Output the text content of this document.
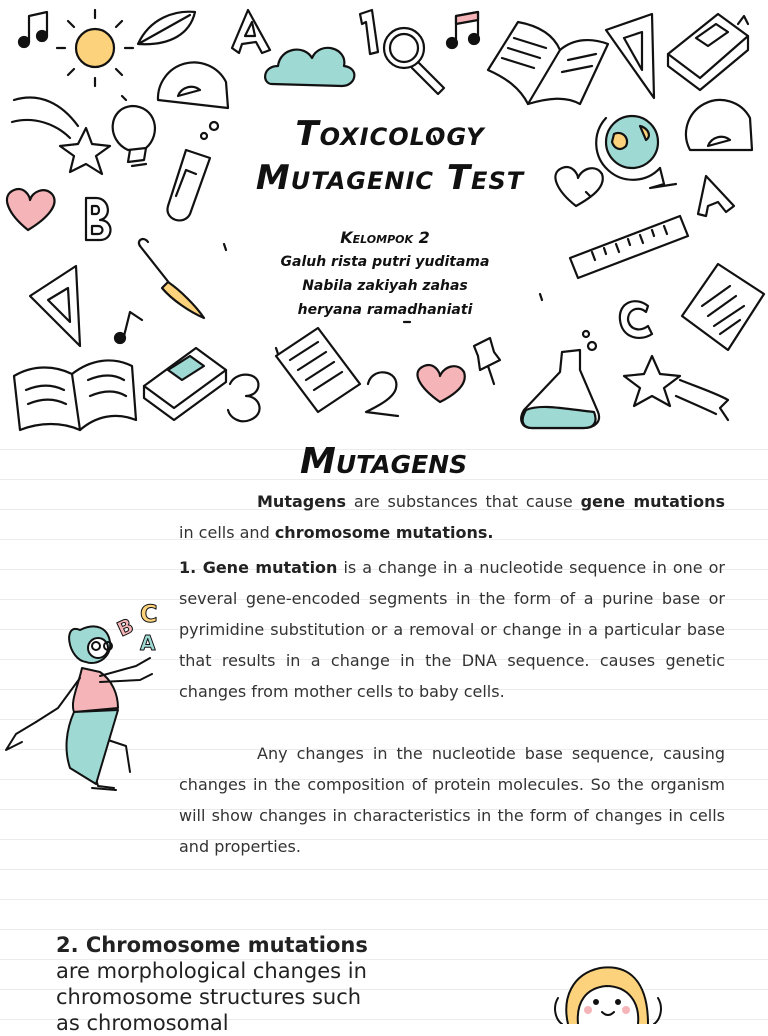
Toxicology
Mutagenic Test
Kelompok 2
Galuh rista putri yuditama
Nabila zakiyah zahas
heryana ramadhaniati
Mutagens

Mutagens are substances that cause gene mutations in cells and chromosome mutations.

1. Gene mutation is a change in a nucleotide sequence in one or several gene-encoded segments in the form of a purine base or pyrimidine substitution or a removal or change in a particular base that results in a change in the DNA sequence. causes genetic changes from mother cells to baby cells.

Any changes in the nucleotide base sequence, causing changes in the composition of protein molecules. So the organism will show changes in characteristics in the form of changes in cells and properties.

2. Chromosome mutations
are morphological changes in chromosome structures such as chromosomal
C
B
A
